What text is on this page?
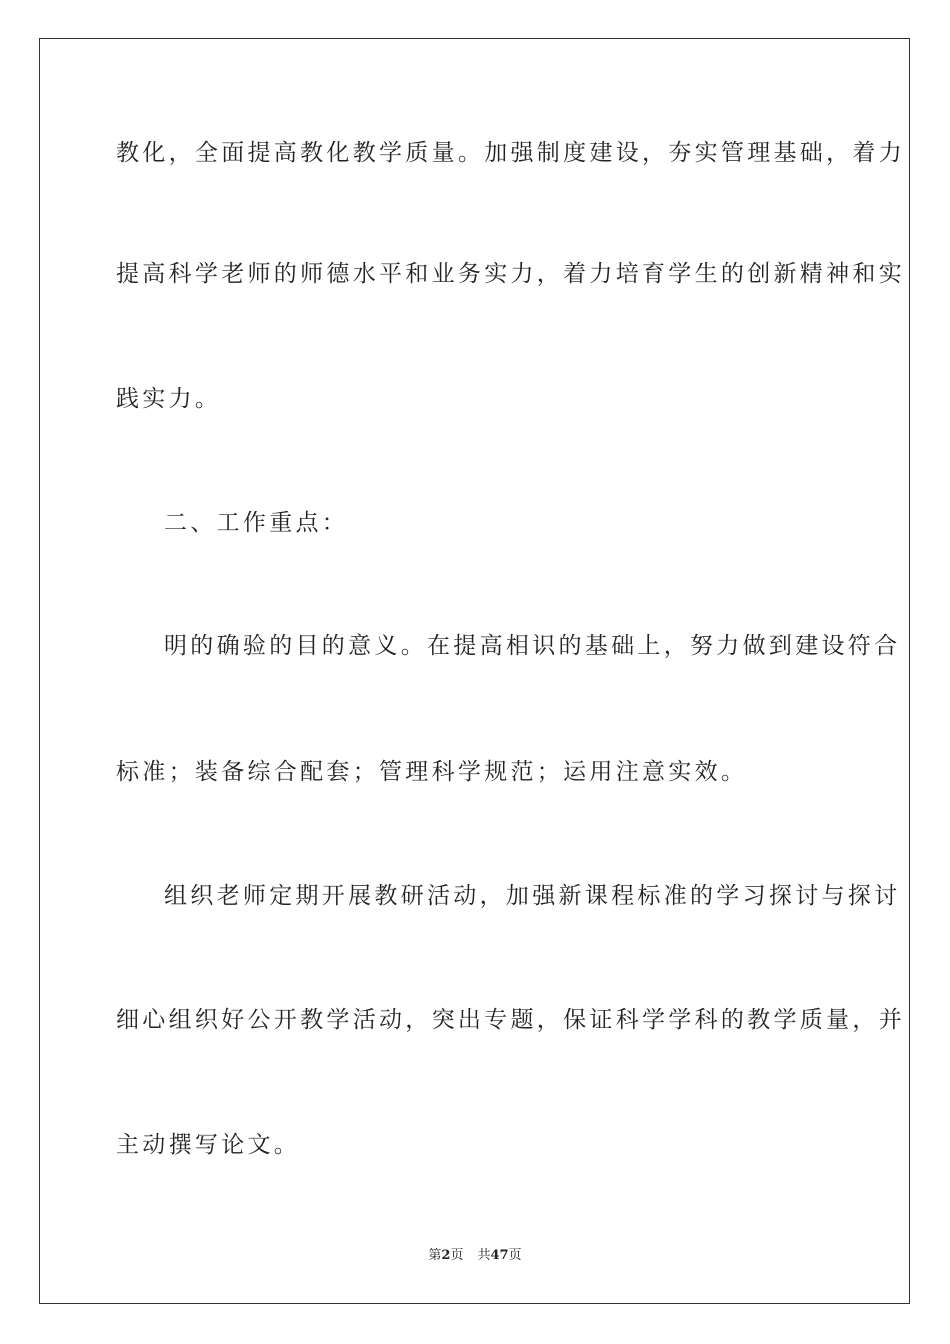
教化，全面提高教化教学质量。加强制度建设，夯实管理基础，着力
提高科学老师的师德水平和业务实力，着力培育学生的创新精神和实
践实力。
二、工作重点：
明的确验的目的意义。在提高相识的基础上，努力做到建设符合
标准；装备综合配套；管理科学规范；运用注意实效。
组织老师定期开展教研活动，加强新课程标准的学习探讨与探讨
细心组织好公开教学活动，突出专题，保证科学学科的教学质量，并
主动撰写论文。
第2页 共47页
